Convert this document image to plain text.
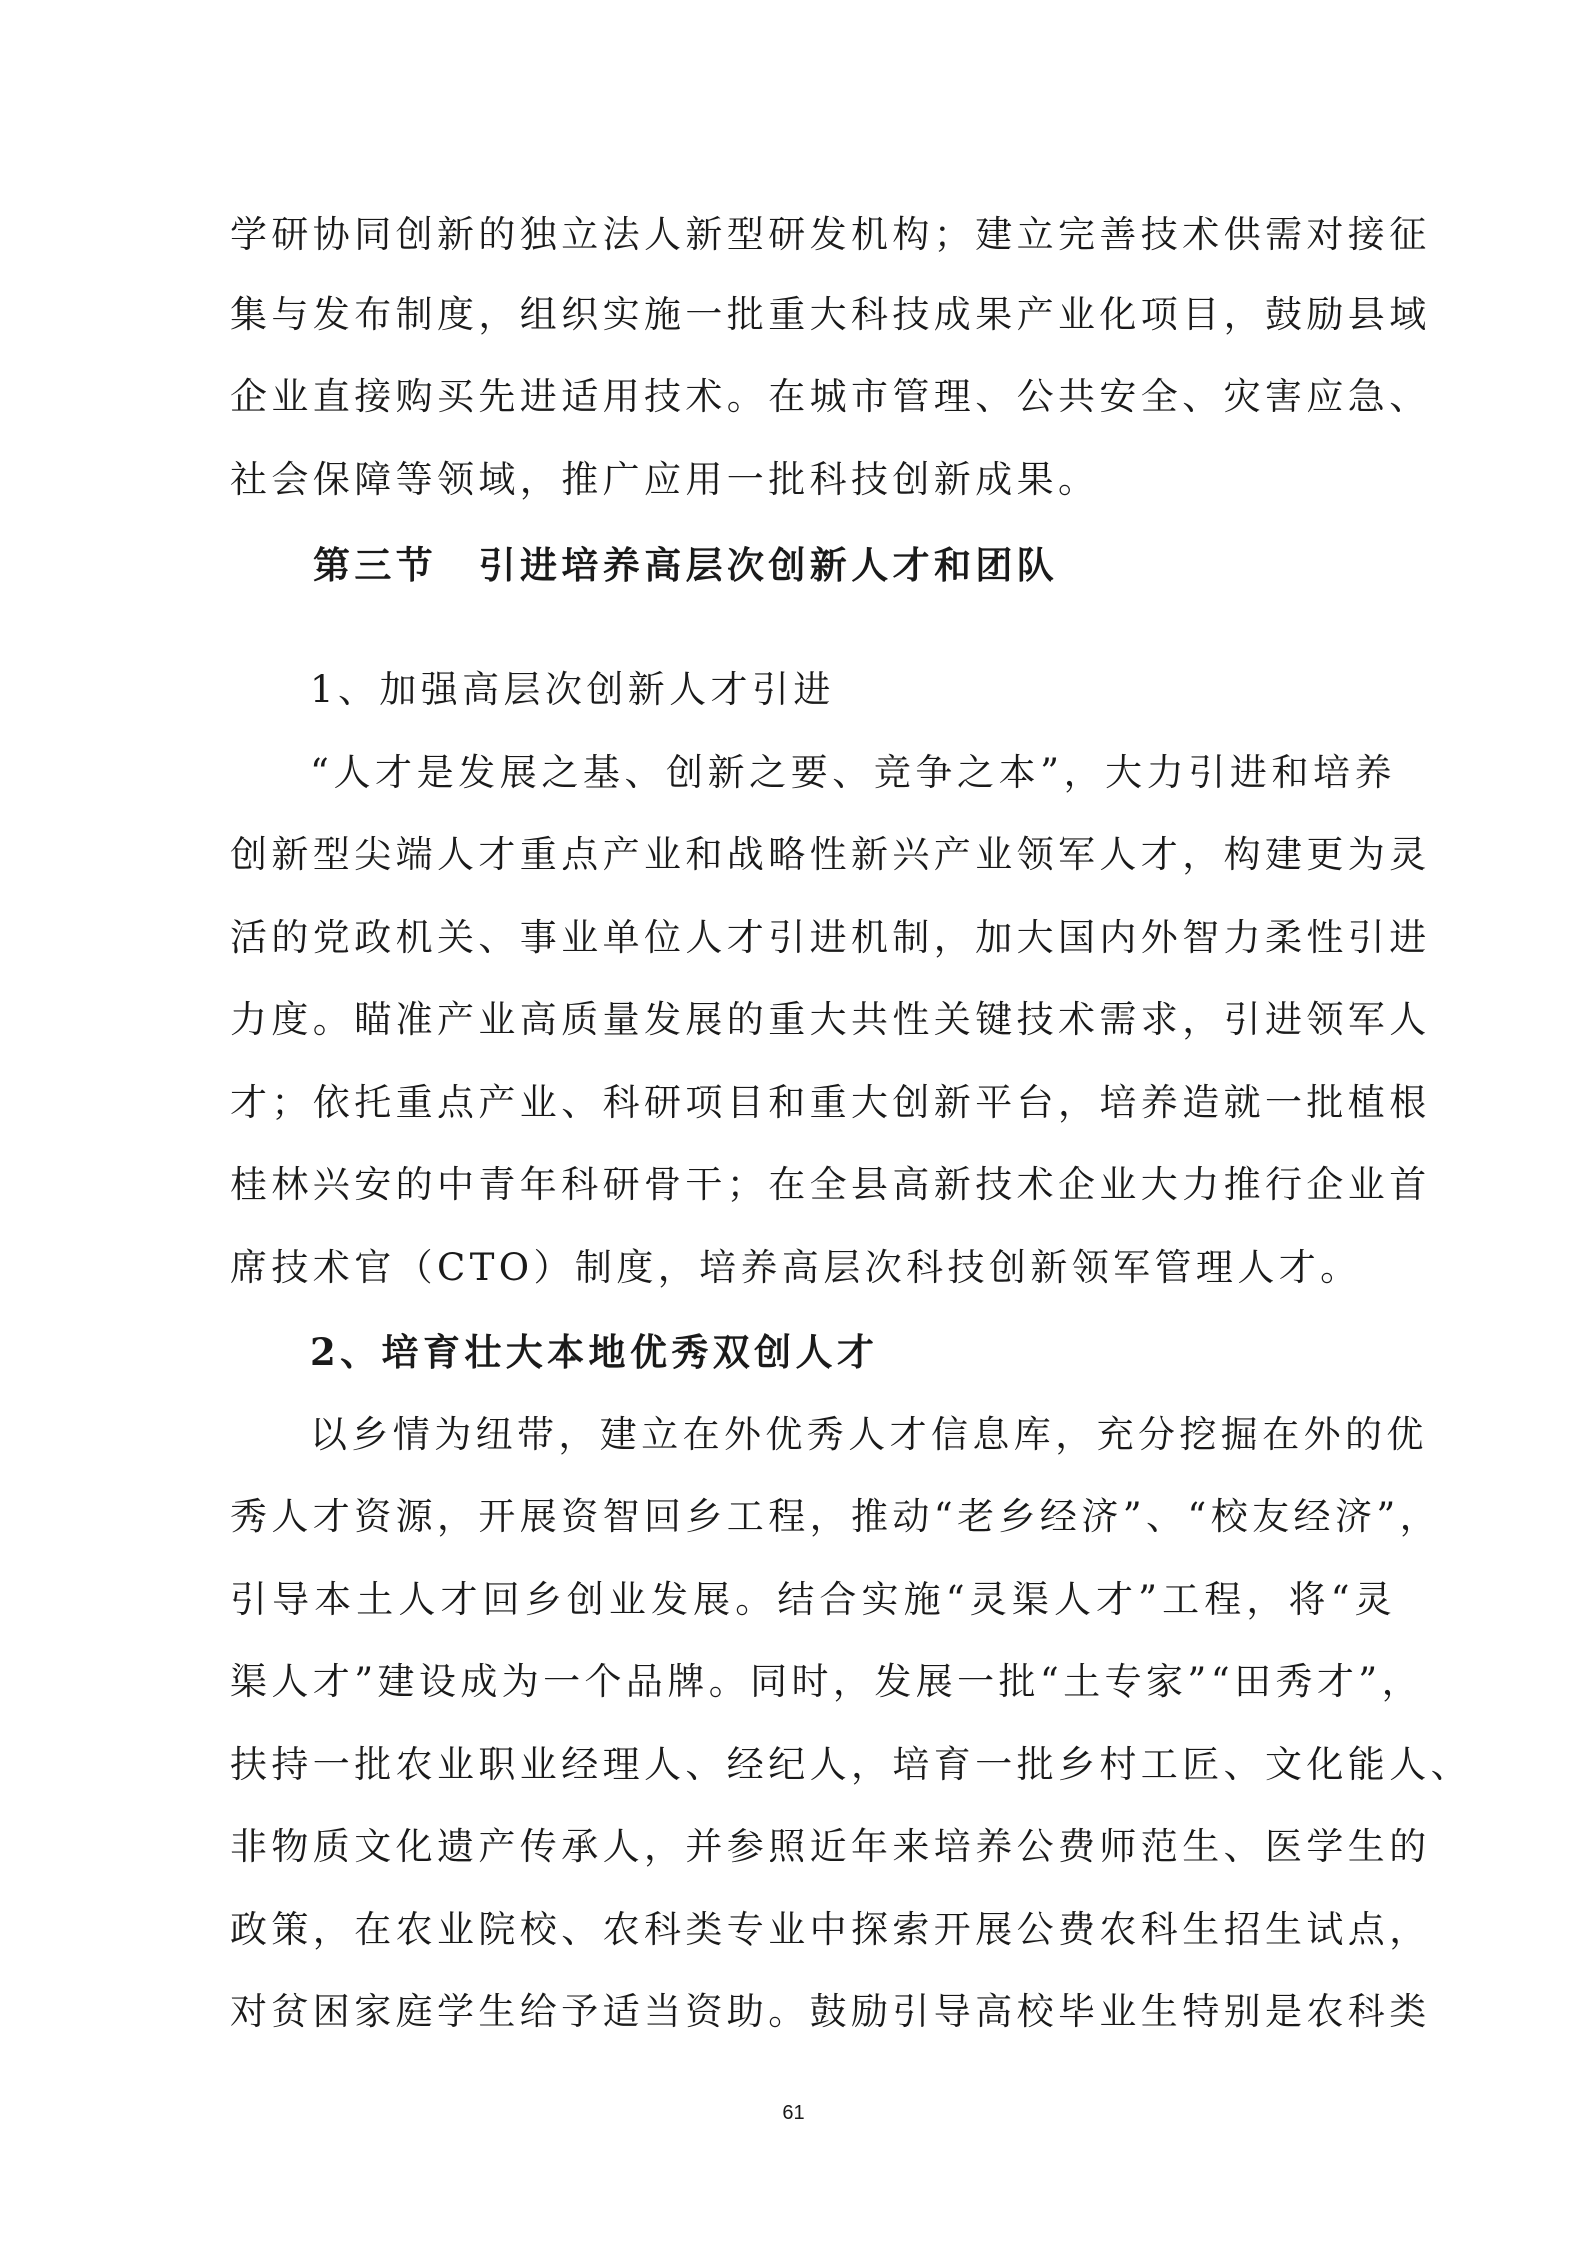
学研协同创新的独立法人新型研发机构；建立完善技术供需对接征
集与发布制度，组织实施一批重大科技成果产业化项目，鼓励县域
企业直接购买先进适用技术。在城市管理、公共安全、灾害应急、
社会保障等领域，推广应用一批科技创新成果。
第三节　引进培养高层次创新人才和团队
1、加强高层次创新人才引进
“人才是发展之基、创新之要、竞争之本”，大力引进和培养
创新型尖端人才重点产业和战略性新兴产业领军人才，构建更为灵
活的党政机关、事业单位人才引进机制，加大国内外智力柔性引进
力度。瞄准产业高质量发展的重大共性关键技术需求，引进领军人
才；依托重点产业、科研项目和重大创新平台，培养造就一批植根
桂林兴安的中青年科研骨干；在全县高新技术企业大力推行企业首
席技术官（CTO）制度，培养高层次科技创新领军管理人才。
2、培育壮大本地优秀双创人才
以乡情为纽带，建立在外优秀人才信息库，充分挖掘在外的优
秀人才资源，开展资智回乡工程，推动“老乡经济”、“校友经济”，
引导本土人才回乡创业发展。结合实施“灵渠人才”工程，将“灵
渠人才”建设成为一个品牌。同时，发展一批“土专家”“田秀才”，
扶持一批农业职业经理人、经纪人，培育一批乡村工匠、文化能人、
非物质文化遗产传承人，并参照近年来培养公费师范生、医学生的
政策，在农业院校、农科类专业中探索开展公费农科生招生试点，
对贫困家庭学生给予适当资助。鼓励引导高校毕业生特别是农科类
61
